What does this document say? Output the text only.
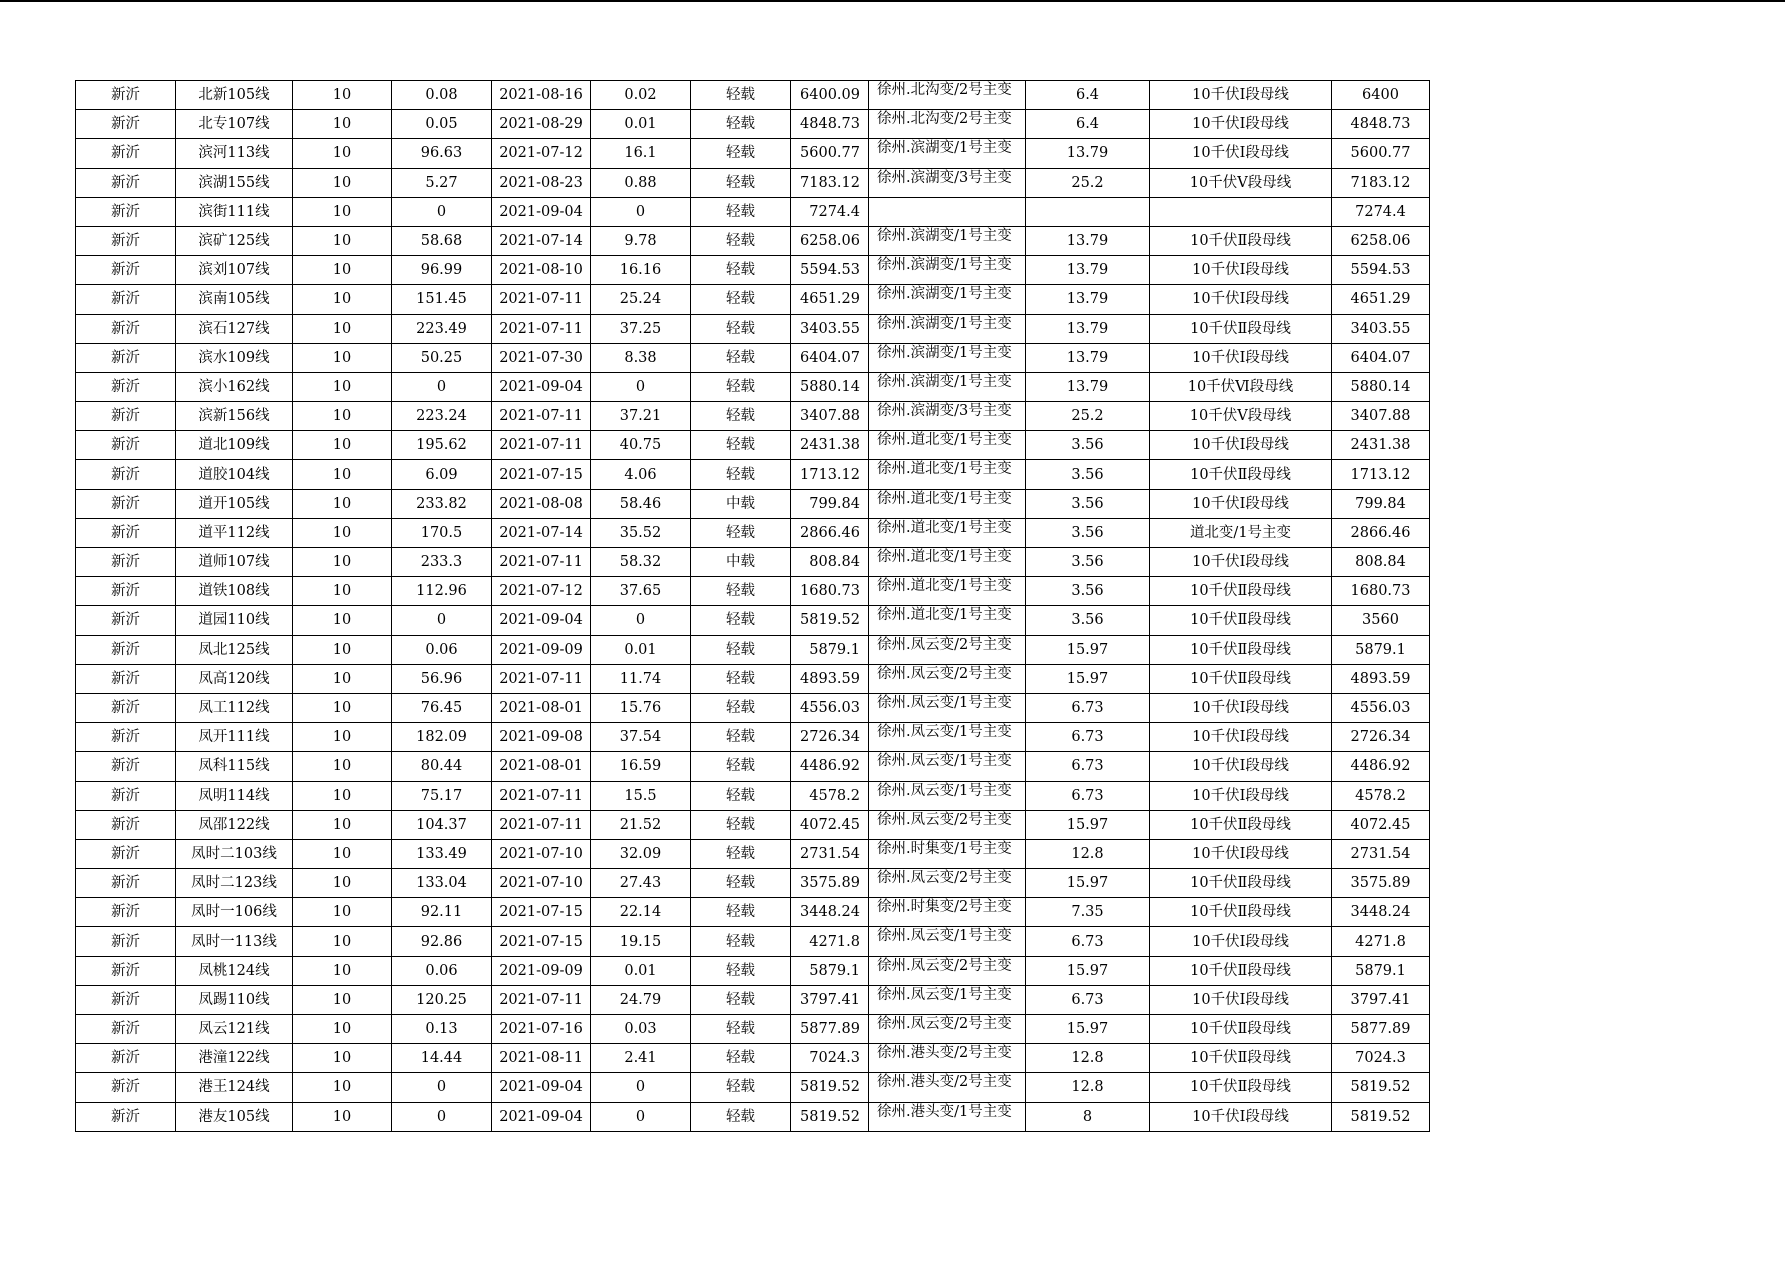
新沂	北新105线	10	0.08	2021-08-16	0.02	轻载	6400.09	徐州.北沟变/2号主变	6.4	10千伏Ⅰ段母线	6400
新沂	北专107线	10	0.05	2021-08-29	0.01	轻载	4848.73	徐州.北沟变/2号主变	6.4	10千伏Ⅰ段母线	4848.73
新沂	滨河113线	10	96.63	2021-07-12	16.1	轻载	5600.77	徐州.滨湖变/1号主变	13.79	10千伏Ⅰ段母线	5600.77
新沂	滨湖155线	10	5.27	2021-08-23	0.88	轻载	7183.12	徐州.滨湖变/3号主变	25.2	10千伏Ⅴ段母线	7183.12
新沂	滨街111线	10	0	2021-09-04	0	轻载	7274.4				7274.4
新沂	滨矿125线	10	58.68	2021-07-14	9.78	轻载	6258.06	徐州.滨湖变/1号主变	13.79	10千伏Ⅱ段母线	6258.06
新沂	滨刘107线	10	96.99	2021-08-10	16.16	轻载	5594.53	徐州.滨湖变/1号主变	13.79	10千伏Ⅰ段母线	5594.53
新沂	滨南105线	10	151.45	2021-07-11	25.24	轻载	4651.29	徐州.滨湖变/1号主变	13.79	10千伏Ⅰ段母线	4651.29
新沂	滨石127线	10	223.49	2021-07-11	37.25	轻载	3403.55	徐州.滨湖变/1号主变	13.79	10千伏Ⅱ段母线	3403.55
新沂	滨水109线	10	50.25	2021-07-30	8.38	轻载	6404.07	徐州.滨湖变/1号主变	13.79	10千伏Ⅰ段母线	6404.07
新沂	滨小162线	10	0	2021-09-04	0	轻载	5880.14	徐州.滨湖变/1号主变	13.79	10千伏Ⅵ段母线	5880.14
新沂	滨新156线	10	223.24	2021-07-11	37.21	轻载	3407.88	徐州.滨湖变/3号主变	25.2	10千伏Ⅴ段母线	3407.88
新沂	道北109线	10	195.62	2021-07-11	40.75	轻载	2431.38	徐州.道北变/1号主变	3.56	10千伏Ⅰ段母线	2431.38
新沂	道胶104线	10	6.09	2021-07-15	4.06	轻载	1713.12	徐州.道北变/1号主变	3.56	10千伏Ⅱ段母线	1713.12
新沂	道开105线	10	233.82	2021-08-08	58.46	中载	799.84	徐州.道北变/1号主变	3.56	10千伏Ⅰ段母线	799.84
新沂	道平112线	10	170.5	2021-07-14	35.52	轻载	2866.46	徐州.道北变/1号主变	3.56	道北变/1号主变	2866.46
新沂	道师107线	10	233.3	2021-07-11	58.32	中载	808.84	徐州.道北变/1号主变	3.56	10千伏Ⅰ段母线	808.84
新沂	道铁108线	10	112.96	2021-07-12	37.65	轻载	1680.73	徐州.道北变/1号主变	3.56	10千伏Ⅱ段母线	1680.73
新沂	道园110线	10	0	2021-09-04	0	轻载	5819.52	徐州.道北变/1号主变	3.56	10千伏Ⅱ段母线	3560
新沂	凤北125线	10	0.06	2021-09-09	0.01	轻载	5879.1	徐州.凤云变/2号主变	15.97	10千伏Ⅱ段母线	5879.1
新沂	凤高120线	10	56.96	2021-07-11	11.74	轻载	4893.59	徐州.凤云变/2号主变	15.97	10千伏Ⅱ段母线	4893.59
新沂	凤工112线	10	76.45	2021-08-01	15.76	轻载	4556.03	徐州.凤云变/1号主变	6.73	10千伏Ⅰ段母线	4556.03
新沂	凤开111线	10	182.09	2021-09-08	37.54	轻载	2726.34	徐州.凤云变/1号主变	6.73	10千伏Ⅰ段母线	2726.34
新沂	凤科115线	10	80.44	2021-08-01	16.59	轻载	4486.92	徐州.凤云变/1号主变	6.73	10千伏Ⅰ段母线	4486.92
新沂	凤明114线	10	75.17	2021-07-11	15.5	轻载	4578.2	徐州.凤云变/1号主变	6.73	10千伏Ⅰ段母线	4578.2
新沂	凤邵122线	10	104.37	2021-07-11	21.52	轻载	4072.45	徐州.凤云变/2号主变	15.97	10千伏Ⅱ段母线	4072.45
新沂	凤时二103线	10	133.49	2021-07-10	32.09	轻载	2731.54	徐州.时集变/1号主变	12.8	10千伏Ⅰ段母线	2731.54
新沂	凤时二123线	10	133.04	2021-07-10	27.43	轻载	3575.89	徐州.凤云变/2号主变	15.97	10千伏Ⅱ段母线	3575.89
新沂	凤时一106线	10	92.11	2021-07-15	22.14	轻载	3448.24	徐州.时集变/2号主变	7.35	10千伏Ⅱ段母线	3448.24
新沂	凤时一113线	10	92.86	2021-07-15	19.15	轻载	4271.8	徐州.凤云变/1号主变	6.73	10千伏Ⅰ段母线	4271.8
新沂	凤桃124线	10	0.06	2021-09-09	0.01	轻载	5879.1	徐州.凤云变/2号主变	15.97	10千伏Ⅱ段母线	5879.1
新沂	凤踢110线	10	120.25	2021-07-11	24.79	轻载	3797.41	徐州.凤云变/1号主变	6.73	10千伏Ⅰ段母线	3797.41
新沂	凤云121线	10	0.13	2021-07-16	0.03	轻载	5877.89	徐州.凤云变/2号主变	15.97	10千伏Ⅱ段母线	5877.89
新沂	港潼122线	10	14.44	2021-08-11	2.41	轻载	7024.3	徐州.港头变/2号主变	12.8	10千伏Ⅱ段母线	7024.3
新沂	港王124线	10	0	2021-09-04	0	轻载	5819.52	徐州.港头变/2号主变	12.8	10千伏Ⅱ段母线	5819.52
新沂	港友105线	10	0	2021-09-04	0	轻载	5819.52	徐州.港头变/1号主变	8	10千伏Ⅰ段母线	5819.52
